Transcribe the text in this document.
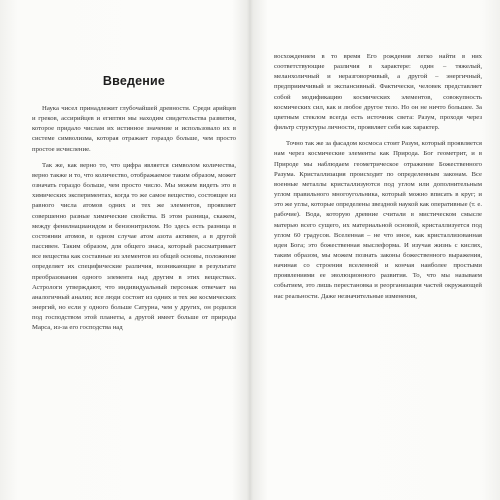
Введение

Наука чисел принадлежит глубочайшей древности. Среди арийцев и греков, ассирийцев и египтян мы находим свидетельства развития, которое придало числам их истинное значение и использовало их в системе символизма, которая отражает гораздо больше, чем просто простое исчисление.

Так же, как верно то, что цифра является символом количества, верно также и то, что количество, отображаемое таким образом, может означать гораздо больше, чем просто число. Мы можем видеть это в химических экспериментах, когда то же самое вещество, состоящее из равного числа атомов одних и тех же элементов, проявляет совершенно разные химические свойства. В этом разница, скажем, между фенилнацианидом и бензонитрилом. Но здесь есть разница в состоянии атомов, в одном случае атом азота активен, а в другой пассивен. Таким образом, для общего знаса, который рассматривает все вещества как составные из элементов из общей основы, положение определяет их специфические различия, возникающие в результате преобразования одного элемента над другим в этих веществах. Астрологи утверждают, что индивидуальный персонаж отвечает на аналогичный анализ; все люди состоят из одних и тех же космических энергий, но если у одного больше Сатурна, чем у других, он родился под господством этой планеты, а другой имеет больше от природы Марса, из-за его господства над

восхождением в то время Его рождения легко найти в них соответствующие различия в характере: один – тяжелый, меланхоличный и неразговорчивый, а другой – энергичный, предприимчивый и экспансивный. Фактически, человек представляет собой модификацию космических элементов, совокупность космических сил, как и любое другое тело. Но он не ничто большее. За цветным стеклом всегда есть источник света: Разум, проходя через фильтр структуры личности, проявляет себя как характер.

Точно так же за фасадом космоса стоит Разум, который проявляется нам через космические элементы как Природа. Бог геометрит, и в Природе мы наблюдаем геометрическое отражение Божественного Разума. Кристаллизация происходит по определенным законам. Все военные металлы кристаллизуются под углом или дополнительным углом правильного многоугольника, который можно вписать в круг; и это же углы, которые определены звездной наукой как оперативные (т. е. рабочие). Вода, которую древние считали в мистическом смысле матерью всего сущего, их материальной основой, кристаллизуется под углом 60 градусов. Вселенная – не что иное, как кристаллизованная идея Бога; это божественная мыслеформа. И изучая жизнь с кислях, таким образом, мы можем познать законы божественного выражения, начиная со строения вселенной и кончая наиболее простыми проявлениями ее эволюционного развития. То, что мы называем событием, это лишь перестановка и реорганизация частей окружающей нас реальности. Даже незначительные изменения,
